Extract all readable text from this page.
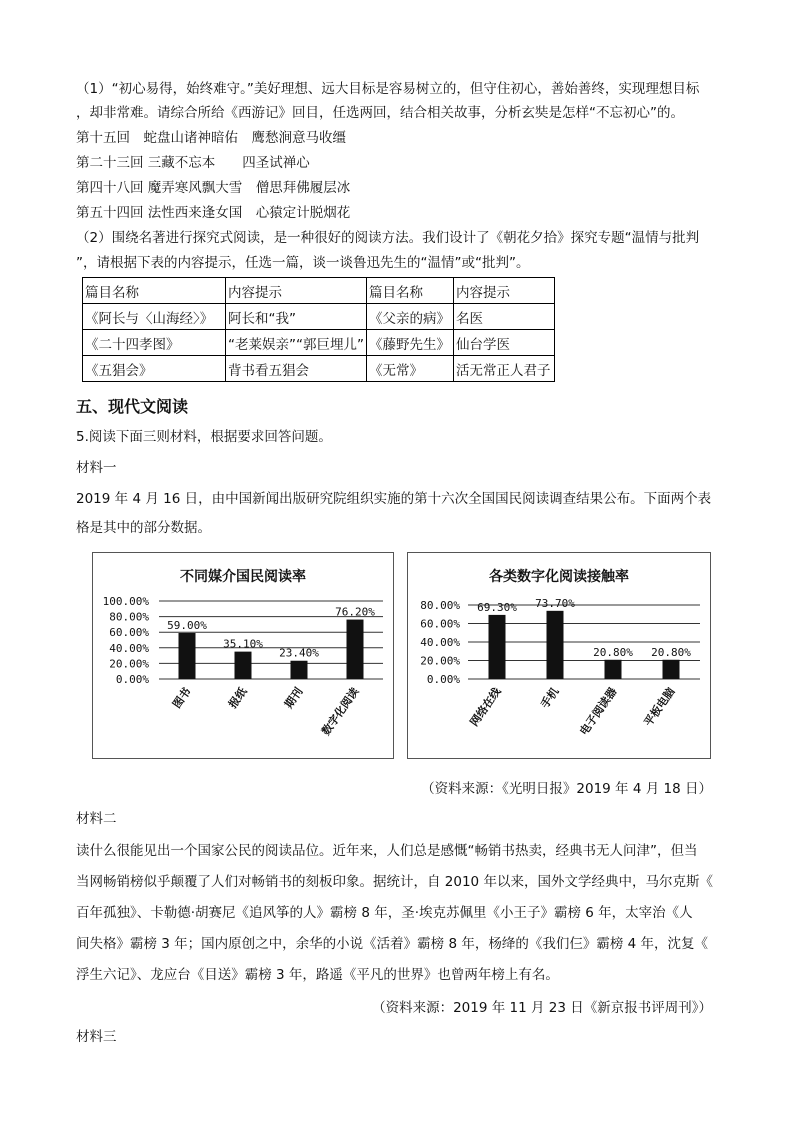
（1）“初心易得，始终难守。”美好理想、远大目标是容易树立的，但守住初心，善始善终，实现理想目标
，却非常难。请综合所给《西游记》回目，任选两回，结合相关故事，分析玄奘是怎样“不忘初心”的。
第十五回　蛇盘山诸神暗佑　鹰愁涧意马收缰
第二十三回 三藏不忘本　　四圣试禅心
第四十八回 魔弄寒风飘大雪　僧思拜佛履层冰
第五十四回 法性西来逢女国　心猿定计脱烟花
（2）围绕名著进行探究式阅读，是一种很好的阅读方法。我们设计了《朝花夕拾》探究专题“温情与批判
”，请根据下表的内容提示，任选一篇，谈一谈鲁迅先生的“温情”或“批判”。
篇目名称	内容提示	篇目名称	内容提示
《阿长与〈山海经〉》	阿长和“我”	《父亲的病》	名医
《二十四孝图》	“老莱娱亲”“郭巨埋儿”	《藤野先生》	仙台学医
《五猖会》	背书看五猖会	《无常》	活无常正人君子
五、现代文阅读
5.阅读下面三则材料，根据要求回答问题。
材料一
2019 年 4 月 16 日，由中国新闻出版研究院组织实施的第十六次全国国民阅读调查结果公布。下面两个表
格是其中的部分数据。
不同媒介国民阅读率
100.00%
80.00%
60.00%
40.00%
20.00%
0.00%
59.00%
图书
35.10%
报纸
23.40%
期刊
76.20%
数字化阅读
各类数字化阅读接触率
80.00%
60.00%
40.00%
20.00%
0.00%
69.30%
网络在线
73.70%
手机
20.80%
电子阅读器
20.80%
平板电脑
（资料来源：《光明日报》2019 年 4 月 18 日）
材料二
读什么很能见出一个国家公民的阅读品位。近年来，人们总是感慨“畅销书热卖，经典书无人问津”，但当
当网畅销榜似乎颠覆了人们对畅销书的刻板印象。据统计，自 2010 年以来，国外文学经典中，马尔克斯《
百年孤独》、卡勒德·胡赛尼《追风筝的人》霸榜 8 年，圣·埃克苏佩里《小王子》霸榜 6 年，太宰治《人
间失格》霸榜 3 年；国内原创之中，余华的小说《活着》霸榜 8 年，杨绛的《我们仨》霸榜 4 年，沈复《
浮生六记》、龙应台《目送》霸榜 3 年，路遥《平凡的世界》也曾两年榜上有名。
（资料来源：2019 年 11 月 23 日《新京报书评周刊》）
材料三
